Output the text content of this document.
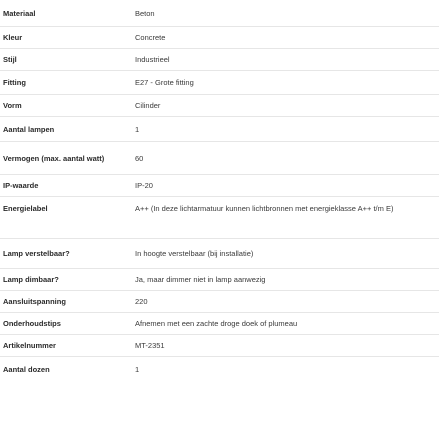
Materiaal	Beton
Kleur	Concrete
Stijl	Industrieel
Fitting	E27 - Grote fitting
Vorm	Cilinder
Aantal lampen	1
Vermogen (max. aantal watt)	60
IP-waarde	IP-20
Energielabel	A++ (In deze lichtarmatuur kunnen lichtbronnen met energieklasse A++ t/m E)
Lamp verstelbaar?	In hoogte verstelbaar (bij installatie)
Lamp dimbaar?	Ja, maar dimmer niet in lamp aanwezig
Aansluitspanning	220
Onderhoudstips	Afnemen met een zachte droge doek of plumeau
Artikelnummer	MT-2351
Aantal dozen	1
